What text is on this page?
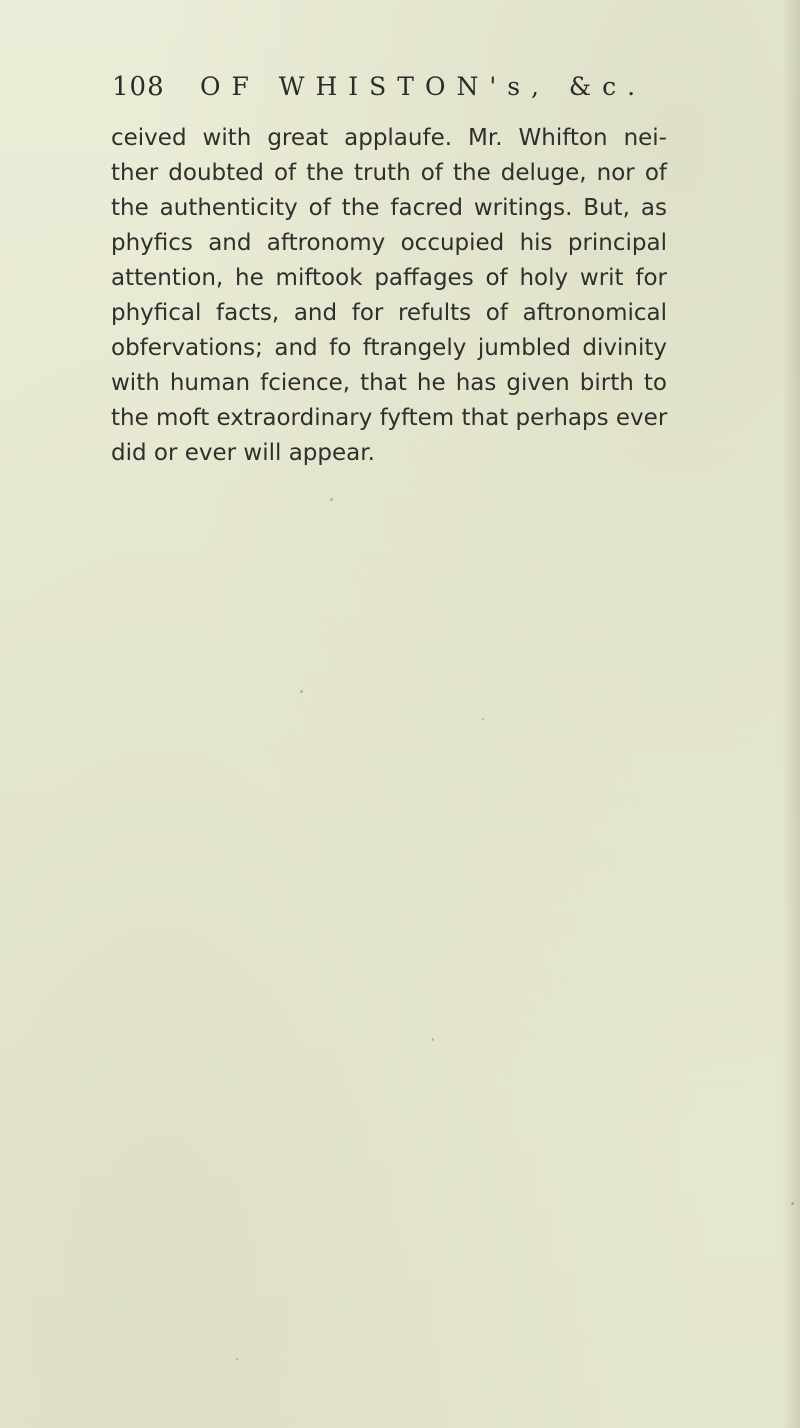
108 OF WHISTON's, &c.
ceived with great applaufe. Mr. Whifton nei-
ther doubted of the truth of the deluge, nor of
the authenticity of the facred writings. But, as
phyfics and aftronomy occupied his principal
attention, he miftook paffages of holy writ for
phyfical facts, and for refults of aftronomical
obfervations; and fo ftrangely jumbled divinity
with human fcience, that he has given birth to
the moft extraordinary fyftem that perhaps ever
did or ever will appear.
